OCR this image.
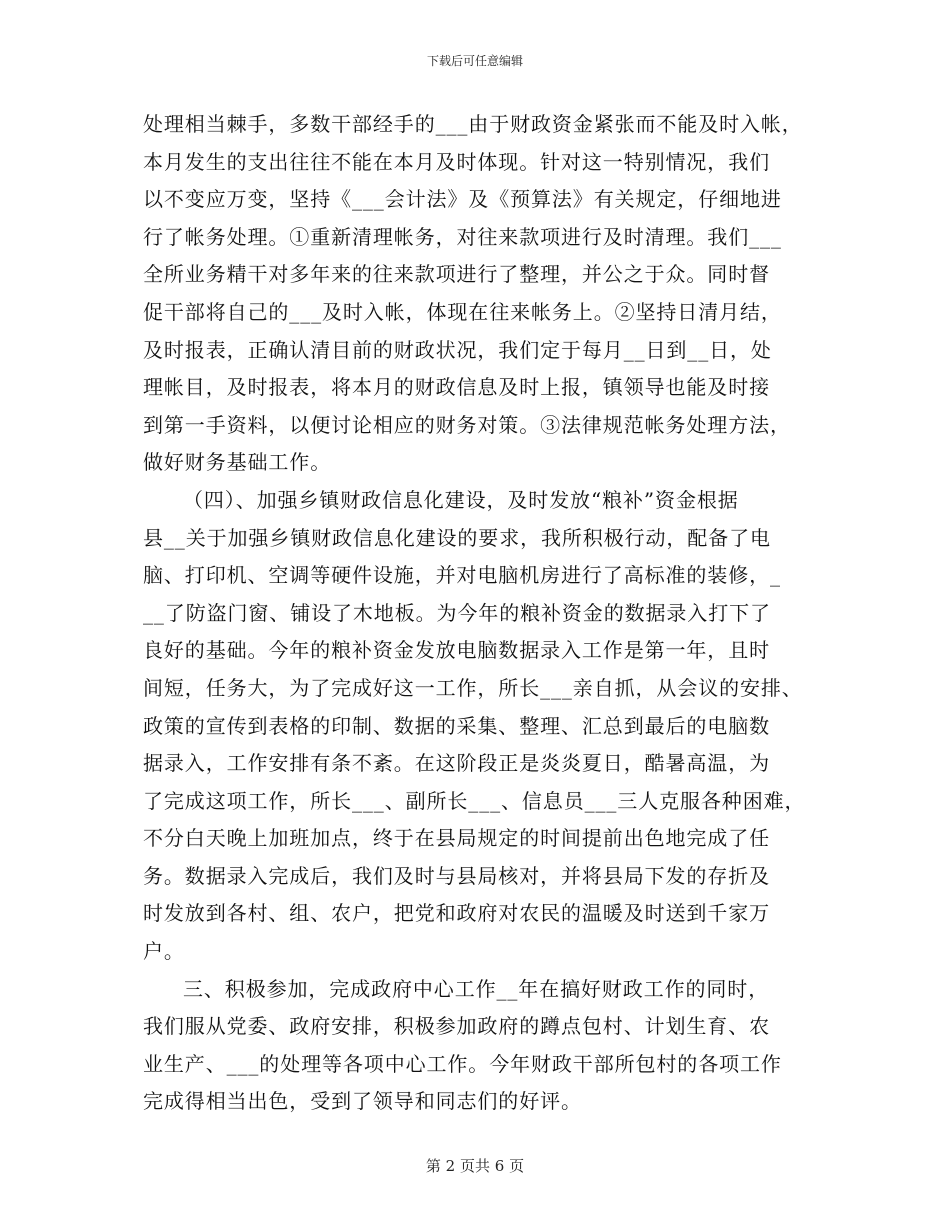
下载后可任意编辑
处理相当棘手，多数干部经手的___由于财政资金紧张而不能及时入帐，
本月发生的支出往往不能在本月及时体现。针对这一特别情况，我们
以不变应万变，坚持《___会计法》及《预算法》有关规定，仔细地进
行了帐务处理。①重新清理帐务，对往来款项进行及时清理。我们___
全所业务精干对多年来的往来款项进行了整理，并公之于众。同时督
促干部将自己的___及时入帐，体现在往来帐务上。②坚持日清月结，
及时报表，正确认清目前的财政状况，我们定于每月__日到__日，处
理帐目，及时报表，将本月的财政信息及时上报，镇领导也能及时接
到第一手资料，以便讨论相应的财务对策。③法律规范帐务处理方法，
做好财务基础工作。
（四）、加强乡镇财政信息化建设，及时发放“粮补”资金根据
县__关于加强乡镇财政信息化建设的要求，我所积极行动，配备了电
脑、打印机、空调等硬件设施，并对电脑机房进行了高标准的装修，_
__了防盗门窗、铺设了木地板。为今年的粮补资金的数据录入打下了
良好的基础。今年的粮补资金发放电脑数据录入工作是第一年，且时
间短，任务大，为了完成好这一工作，所长___亲自抓，从会议的安排、
政策的宣传到表格的印制、数据的采集、整理、汇总到最后的电脑数
据录入，工作安排有条不紊。在这阶段正是炎炎夏日，酷暑高温，为
了完成这项工作，所长___、副所长___、信息员___三人克服各种困难，
不分白天晚上加班加点，终于在县局规定的时间提前出色地完成了任
务。数据录入完成后，我们及时与县局核对，并将县局下发的存折及
时发放到各村、组、农户，把党和政府对农民的温暖及时送到千家万
户。
三、积极参加，完成政府中心工作__年在搞好财政工作的同时，
我们服从党委、政府安排，积极参加政府的蹲点包村、计划生育、农
业生产、___的处理等各项中心工作。今年财政干部所包村的各项工作
完成得相当出色，受到了领导和同志们的好评。
第 2 页共 6 页
